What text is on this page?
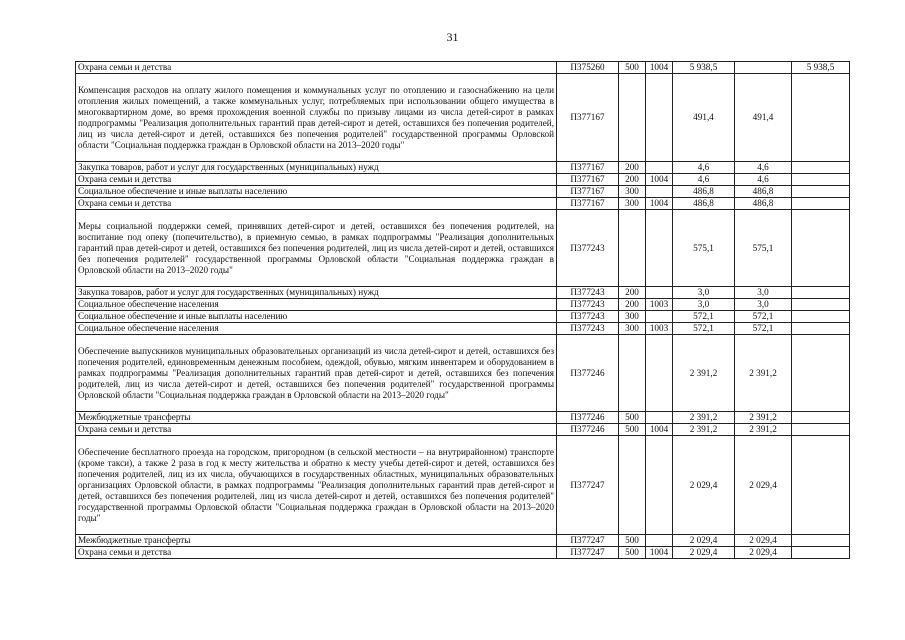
31
Охрана семьи и детства	П375260	500	1004	5 938,5		5 938,5
Компенсация расходов на оплату жилого помещения и коммунальных услуг по отоплению и газоснабжению на цели отопления жилых помещений, а также коммунальных услуг, потребляемых при использовании общего имущества в многоквартирном доме, во время прохождения военной службы по призыву лицами из числа детей-сирот в рамках подпрограммы "Реализация дополнительных гарантий прав детей-сирот и детей, оставшихся без попечения родителей, лиц из числа детей-сирот и детей, оставшихся без попечения родителей" государственной программы Орловской области "Социальная поддержка граждан в Орловской области на 2013–2020 годы"	П377167			491,4	491,4	
Закупка товаров, работ и услуг для государственных (муниципальных) нужд	П377167	200		4,6	4,6	
Охрана семьи и детства	П377167	200	1004	4,6	4,6	
Социальное обеспечение и иные выплаты населению	П377167	300		486,8	486,8	
Охрана семьи и детства	П377167	300	1004	486,8	486,8	
Меры социальной поддержки семей, принявших детей-сирот и детей, оставшихся без попечения родителей, на воспитание под опеку (попечительство), в приемную семью, в рамках подпрограммы "Реализация дополнительных гарантий прав детей-сирот и детей, оставшихся без попечения родителей, лиц из числа детей-сирот и детей, оставшихся без попечения родителей" государственной программы Орловской области "Социальная поддержка граждан в Орловской области на 2013–2020 годы"	П377243			575,1	575,1	
Закупка товаров, работ и услуг для государственных (муниципальных) нужд	П377243	200		3,0	3,0	
Социальное обеспечение населения	П377243	200	1003	3,0	3,0	
Социальное обеспечение и иные выплаты населению	П377243	300		572,1	572,1	
Социальное обеспечение населения	П377243	300	1003	572,1	572,1	
Обеспечение выпускников муниципальных образовательных организаций из числа детей-сирот и детей, оставшихся без попечения родителей, единовременным денежным пособием, одеждой, обувью, мягким инвентарем и оборудованием в рамках подпрограммы "Реализация дополнительных гарантий прав детей-сирот и детей, оставшихся без попечения родителей, лиц из числа детей-сирот и детей, оставшихся без попечения родителей" государственной программы Орловской области "Социальная поддержка граждан в Орловской области на 2013–2020 годы"	П377246			2 391,2	2 391,2	
Межбюджетные трансферты	П377246	500		2 391,2	2 391,2	
Охрана семьи и детства	П377246	500	1004	2 391,2	2 391,2	
Обеспечение бесплатного проезда на городском, пригородном (в сельской местности – на внутрирайонном) транспорте (кроме такси), а также 2 раза в год к месту жительства и обратно к месту учебы детей-сирот и детей, оставшихся без попечения родителей, лиц из их числа, обучающихся в государственных областных, муниципальных образовательных организациях Орловской области, в рамках подпрограммы "Реализация дополнительных гарантий прав детей-сирот и детей, оставшихся без попечения родителей, лиц из числа детей-сирот и детей, оставшихся без попечения родителей" государственной программы Орловской области "Социальная поддержка граждан в Орловской области на 2013–2020 годы"	П377247			2 029,4	2 029,4	
Межбюджетные трансферты	П377247	500		2 029,4	2 029,4	
Охрана семьи и детства	П377247	500	1004	2 029,4	2 029,4	
